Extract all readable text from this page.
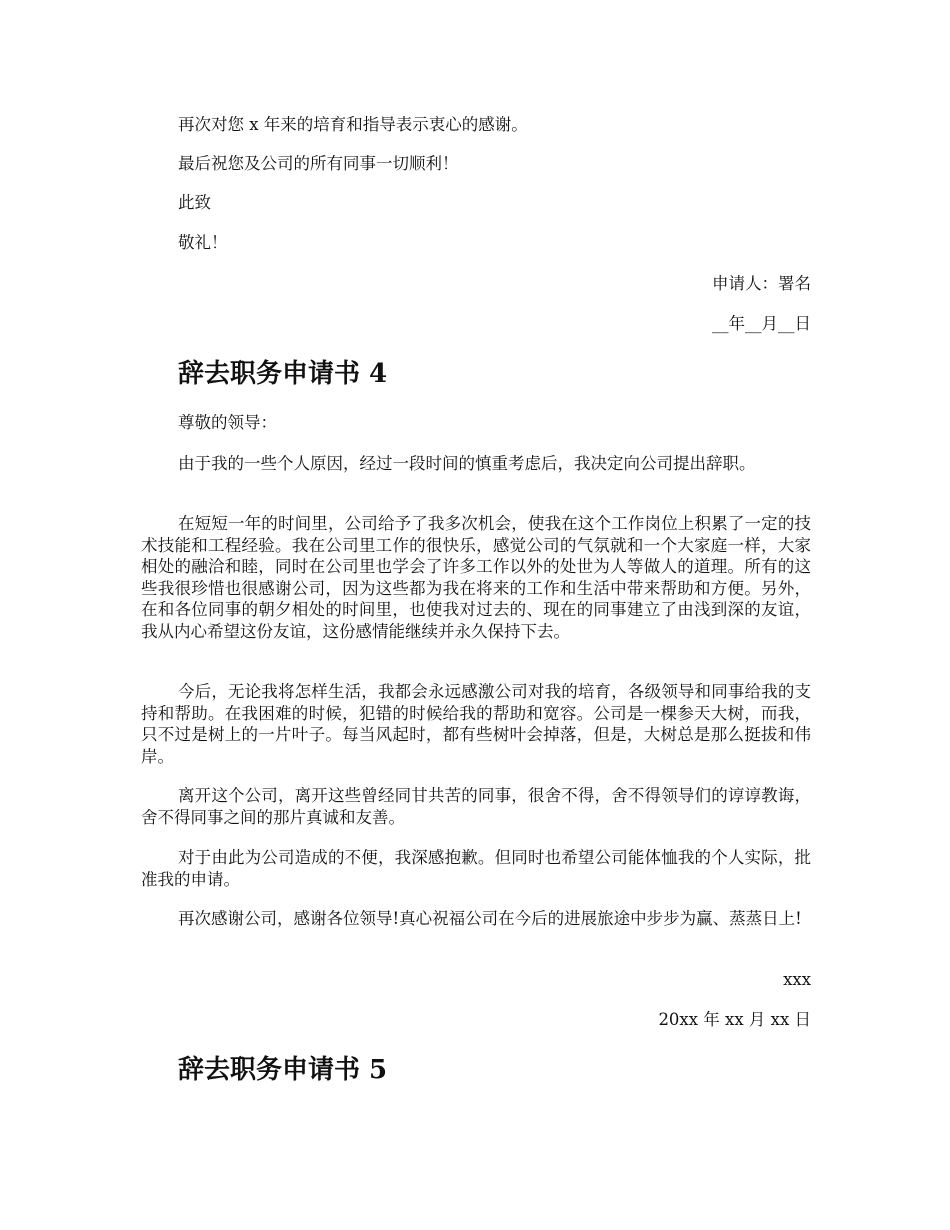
再次对您 x 年来的培育和指导表示衷心的感谢。

最后祝您及公司的所有同事一切顺利！

此致

敬礼！

申请人：署名
__年__月__日
辞去职务申请书 4

尊敬的领导：

由于我的一些个人原因，经过一段时间的慎重考虑后，我决定向公司提出辞职。

在短短一年的时间里，公司给予了我多次机会，使我在这个工作岗位上积累了一定的技术技能和工程经验。我在公司里工作的很快乐，感觉公司的气氛就和一个大家庭一样，大家相处的融洽和睦，同时在公司里也学会了许多工作以外的处世为人等做人的道理。所有的这些我很珍惜也很感谢公司，因为这些都为我在将来的工作和生活中带来帮助和方便。另外，在和各位同事的朝夕相处的时间里，也使我对过去的、现在的同事建立了由浅到深的友谊，我从内心希望这份友谊，这份感情能继续并永久保持下去。

今后，无论我将怎样生活，我都会永远感激公司对我的培育，各级领导和同事给我的支持和帮助。在我困难的时候，犯错的时候给我的帮助和宽容。公司是一棵参天大树，而我，只不过是树上的一片叶子。每当风起时，都有些树叶会掉落，但是，大树总是那么挺拔和伟岸。

离开这个公司，离开这些曾经同甘共苦的同事，很舍不得，舍不得领导们的谆谆教诲，舍不得同事之间的那片真诚和友善。

对于由此为公司造成的不便，我深感抱歉。但同时也希望公司能体恤我的个人实际，批准我的申请。

再次感谢公司，感谢各位领导!真心祝福公司在今后的进展旅途中步步为赢、蒸蒸日上!

xxx
20xx 年 xx 月 xx 日
辞去职务申请书 5
